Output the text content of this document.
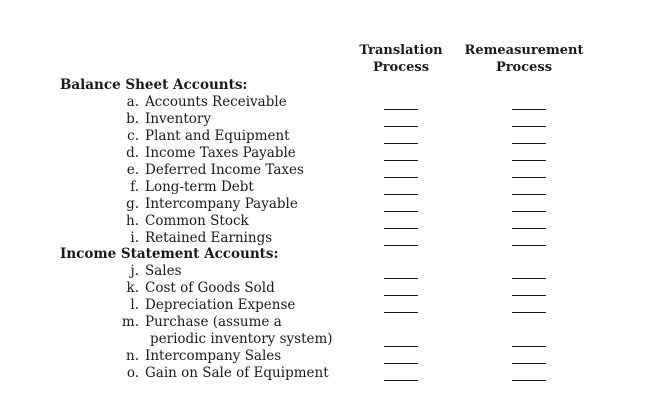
Translation
Process
Remeasurement
Process
Balance Sheet Accounts:
a. Accounts Receivable
b. Inventory
c. Plant and Equipment
d. Income Taxes Payable
e. Deferred Income Taxes
f. Long-term Debt
g. Intercompany Payable
h. Common Stock
i. Retained Earnings
Income Statement Accounts:
j. Sales
k. Cost of Goods Sold
l. Depreciation Expense
m. Purchase (assume a
periodic inventory system)
n. Intercompany Sales
o. Gain on Sale of Equipment
